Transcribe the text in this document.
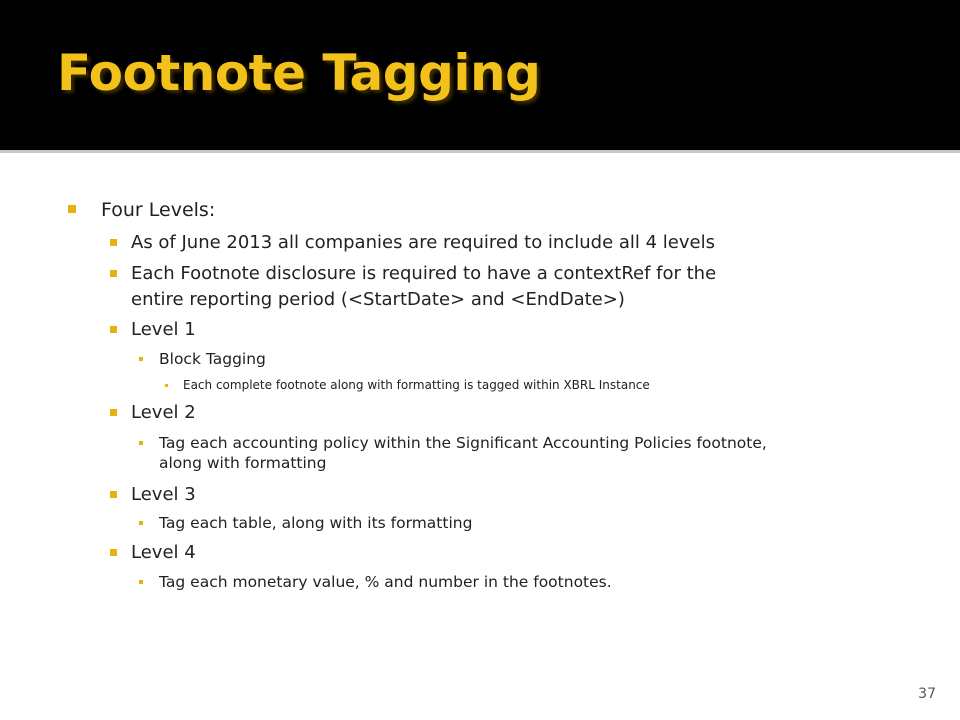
Footnote Tagging
Four Levels:
As of June 2013 all companies are required to include all 4 levels
Each Footnote disclosure is required to have a contextRef for the
entire reporting period (<StartDate> and <EndDate>)
Level 1
Block Tagging
Each complete footnote along with formatting is tagged within XBRL Instance
Level 2
Tag each accounting policy within the Significant Accounting Policies footnote,
along with formatting
Level 3
Tag each table, along with its formatting
Level 4
Tag each monetary value, % and number in the footnotes.
37
